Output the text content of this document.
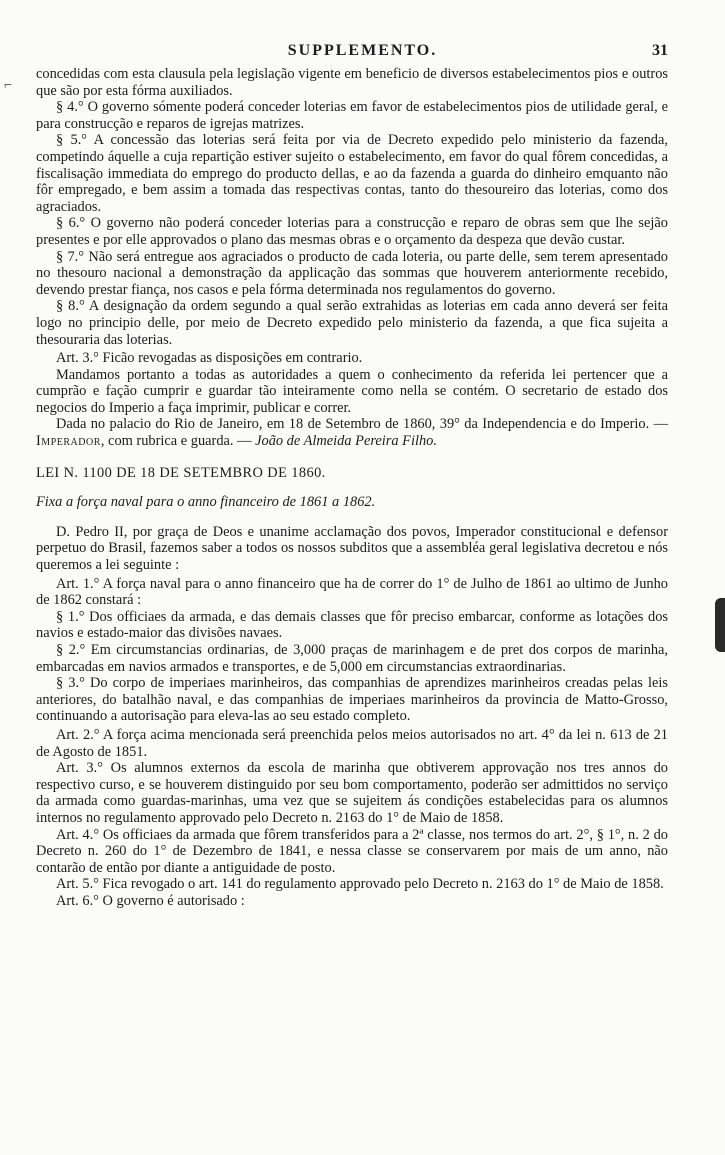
SUPPLEMENTO.	31
⌐

concedidas com esta clausula pela legislação vigente em beneficio de diversos estabelecimentos pios e outros que são por esta fórma auxiliados.

§ 4.° O governo sómente poderá conceder loterias em favor de estabelecimentos pios de utilidade geral, e para construcção e reparos de igrejas matrizes.

§ 5.° A concessão das loterias será feita por via de Decreto expedido pelo ministerio da fazenda, competindo áquelle a cuja repartição estiver sujeito o estabelecimento, em favor do qual fôrem concedidas, a fiscalisação immediata do emprego do producto dellas, e ao da fazenda a guarda do dinheiro emquanto não fôr empregado, e bem assim a tomada das respectivas contas, tanto do thesoureiro das loterias, como dos agraciados.

§ 6.° O governo não poderá conceder loterias para a construcção e reparo de obras sem que lhe sejão presentes e por elle approvados o plano das mesmas obras e o orçamento da despeza que devão custar.

§ 7.° Não será entregue aos agraciados o producto de cada loteria, ou parte delle, sem terem apresentado no thesouro nacional a demonstração da applicação das sommas que houverem anteriormente recebido, devendo prestar fiança, nos casos e pela fórma determinada nos regulamentos do governo.

§ 8.° A designação da ordem segundo a qual serão extrahidas as loterias em cada anno deverá ser feita logo no principio delle, por meio de Decreto expedido pelo ministerio da fazenda, a que fica sujeita a thesouraria das loterias.

Art. 3.° Ficão revogadas as disposições em contrario.

Mandamos portanto a todas as autoridades a quem o conhecimento da referida lei pertencer que a cumprão e fação cumprir e guardar tão inteiramente como nella se contém. O secretario de estado dos negocios do Imperio a faça imprimir, publicar e correr.

Dada no palacio do Rio de Janeiro, em 18 de Setembro de 1860, 39° da Independencia e do Imperio. — Imperador, com rubrica e guarda. — João de Almeida Pereira Filho.

LEI N. 1100 DE 18 DE SETEMBRO DE 1860.

Fixa a força naval para o anno financeiro de 1861 a 1862.

D. Pedro II, por graça de Deos e unanime acclamação dos povos, Imperador constitucional e defensor perpetuo do Brasil, fazemos saber a todos os nossos subditos que a assembléa geral legislativa decretou e nós queremos a lei seguinte :

Art. 1.° A força naval para o anno financeiro que ha de correr do 1° de Julho de 1861 ao ultimo de Junho de 1862 constará :

§ 1.° Dos officiaes da armada, e das demais classes que fôr preciso embarcar, conforme as lotações dos navios e estado-maior das divisões navaes.

§ 2.° Em circumstancias ordinarias, de 3,000 praças de marinhagem e de pret dos corpos de marinha, embarcadas em navios armados e transportes, e de 5,000 em circumstancias extraordinarias.

§ 3.° Do corpo de imperiaes marinheiros, das companhias de aprendizes marinheiros creadas pelas leis anteriores, do batalhão naval, e das companhias de imperiaes marinheiros da provincia de Matto-Grosso, continuando a autorisação para eleva-las ao seu estado completo.

Art. 2.° A força acima mencionada será preenchida pelos meios autorisados no art. 4° da lei n. 613 de 21 de Agosto de 1851.

Art. 3.° Os alumnos externos da escola de marinha que obtiverem approvação nos tres annos do respectivo curso, e se houverem distinguido por seu bom comportamento, poderão ser admittidos no serviço da armada como guardas-marinhas, uma vez que se sujeitem ás condições estabelecidas para os alumnos internos no regulamento approvado pelo Decreto n. 2163 do 1° de Maio de 1858.

Art. 4.° Os officiaes da armada que fôrem transferidos para a 2ª classe, nos termos do art. 2°, § 1°, n. 2 do Decreto n. 260 do 1° de Dezembro de 1841, e nessa classe se conservarem por mais de um anno, não contarão de então por diante a antiguidade de posto.

Art. 5.° Fica revogado o art. 141 do regulamento approvado pelo Decreto n. 2163 do 1° de Maio de 1858.

Art. 6.° O governo é autorisado :
